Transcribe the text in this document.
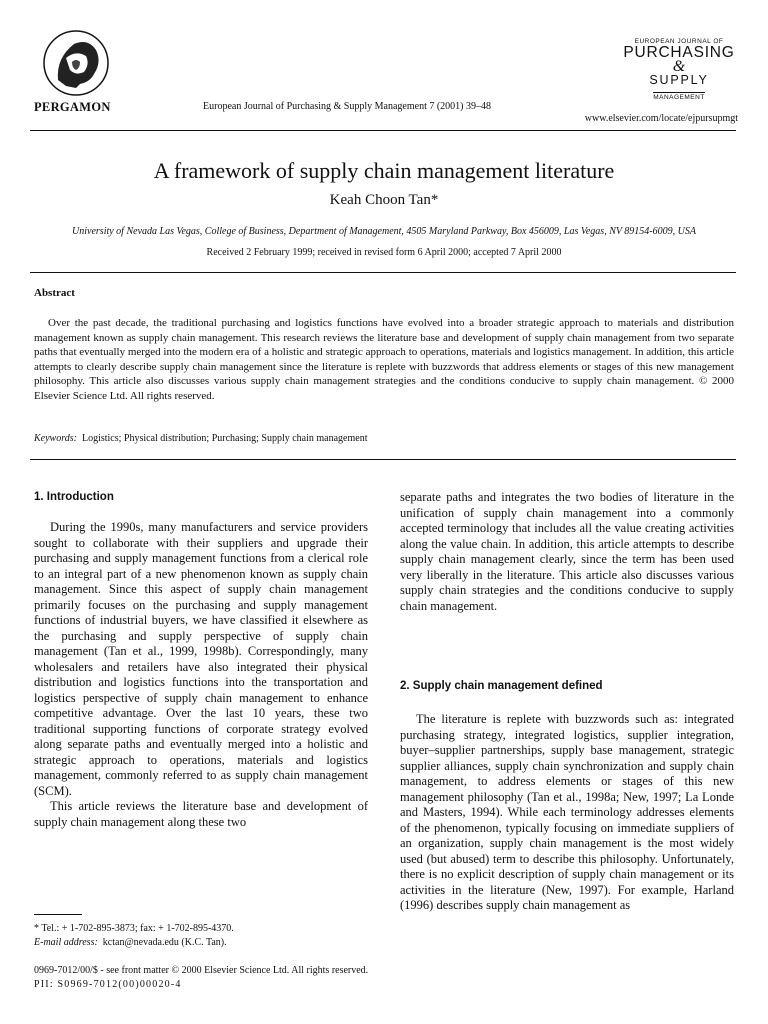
PERGAMON	European Journal of Purchasing & Supply Management 7 (2001) 39–48
EUROPEAN JOURNAL OF
PURCHASING
&
SUPPLY
MANAGEMENT
www.elsevier.com/locate/ejpursupmgt
A framework of supply chain management literature
Keah Choon Tan*
University of Nevada Las Vegas, College of Business, Department of Management, 4505 Maryland Parkway, Box 456009, Las Vegas, NV 89154-6009, USA
Received 2 February 1999; received in revised form 6 April 2000; accepted 7 April 2000
Abstract
Over the past decade, the traditional purchasing and logistics functions have evolved into a broader strategic approach to materials and distribution management known as supply chain management. This research reviews the literature base and development of supply chain management from two separate paths that eventually merged into the modern era of a holistic and strategic approach to operations, materials and logistics management. In addition, this article attempts to clearly describe supply chain management since the literature is replete with buzzwords that address elements or stages of this new management philosophy. This article also discusses various supply chain management strategies and the conditions conducive to supply chain management. © 2000 Elsevier Science Ltd. All rights reserved.
Keywords: Logistics; Physical distribution; Purchasing; Supply chain management
1. Introduction

During the 1990s, many manufacturers and service providers sought to collaborate with their suppliers and upgrade their purchasing and supply management functions from a clerical role to an integral part of a new phenomenon known as supply chain management. Since this aspect of supply chain management primarily focuses on the purchasing and supply management functions of industrial buyers, we have classified it elsewhere as the purchasing and supply perspective of supply chain management (Tan et al., 1999, 1998b). Correspondingly, many wholesalers and retailers have also integrated their physical distribution and logistics functions into the transportation and logistics perspective of supply chain management to enhance competitive advantage. Over the last 10 years, these two traditional supporting functions of corporate strategy evolved along separate paths and eventually merged into a holistic and strategic approach to operations, materials and logistics management, commonly referred to as supply chain management (SCM).

This article reviews the literature base and development of supply chain management along these two

separate paths and integrates the two bodies of literature in the unification of supply chain management into a commonly accepted terminology that includes all the value creating activities along the value chain. In addition, this article attempts to describe supply chain management clearly, since the term has been used very liberally in the literature. This article also discusses various supply chain strategies and the conditions conducive to supply chain management.

2. Supply chain management defined

The literature is replete with buzzwords such as: integrated purchasing strategy, integrated logistics, supplier integration, buyer–supplier partnerships, supply base management, strategic supplier alliances, supply chain synchronization and supply chain management, to address elements or stages of this new management philosophy (Tan et al., 1998a; New, 1997; La Londe and Masters, 1994). While each terminology addresses elements of the phenomenon, typically focusing on immediate suppliers of an organization, supply chain management is the most widely used (but abused) term to describe this philosophy. Unfortunately, there is no explicit description of supply chain management or its activities in the literature (New, 1997). For example, Harland (1996) describes supply chain management as

* Tel.: + 1-702-895-3873; fax: + 1-702-895-4370.
E-mail address: kctan@nevada.edu (K.C. Tan).
0969-7012/00/$ - see front matter © 2000 Elsevier Science Ltd. All rights reserved.
PII: S0969-7012(00)00020-4
